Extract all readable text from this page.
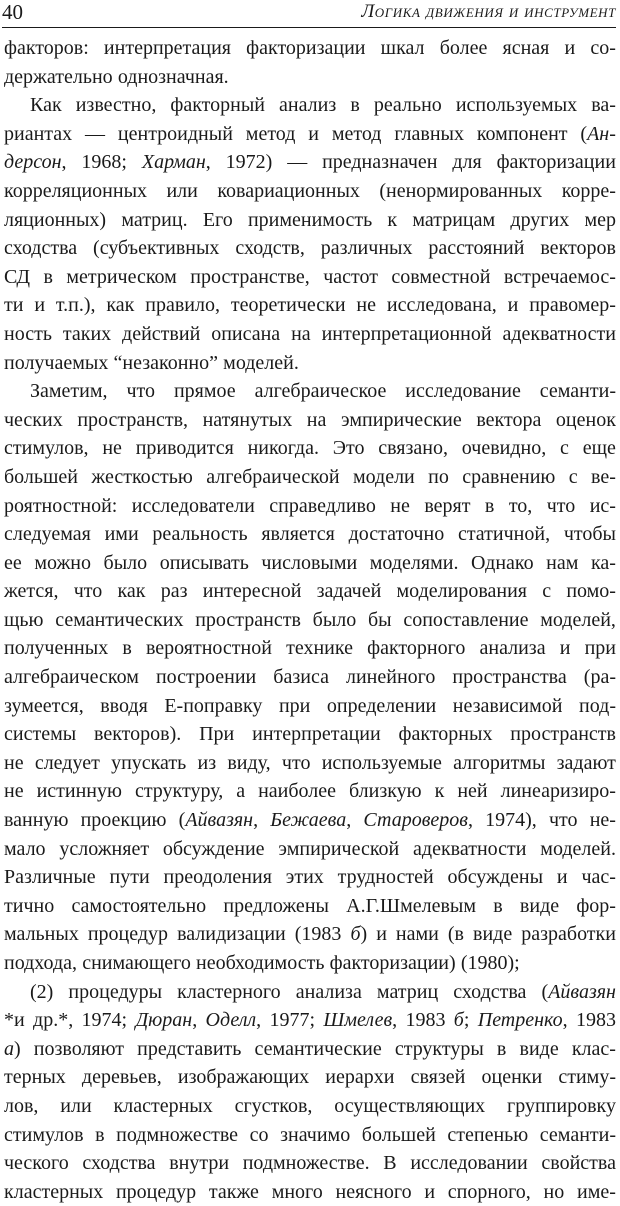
40	Логика движения и инструмент
факторов: интерпретация факторизации шкал более ясная и со-
держательно однозначная.
Как известно, факторный анализ в реально используемых ва-
риантах — центроидный метод и метод главных компонент (Ан-
дерсон, 1968; Харман, 1972) — предназначен для факторизации
корреляционных или ковариационных (ненормированных корре-
ляционных) матриц. Его применимость к матрицам других мер
сходства (субъективных сходств, различных расстояний векторов
СД в метрическом пространстве, частот совместной встречаемос-
ти и т.п.), как правило, теоретически не исследована, и правомер-
ность таких действий описана на интерпретационной адекватности
получаемых “незаконно” моделей.
Заметим, что прямое алгебраическое исследование семанти-
ческих пространств, натянутых на эмпирические вектора оценок
стимулов, не приводится никогда. Это связано, очевидно, с еще
большей жесткостью алгебраической модели по сравнению с ве-
роятностной: исследователи справедливо не верят в то, что ис-
следуемая ими реальность является достаточно статичной, чтобы
ее можно было описывать числовыми моделями. Однако нам ка-
жется, что как раз интересной задачей моделирования с помо-
щью семантических пространств было бы сопоставление моделей,
полученных в вероятностной технике факторного анализа и при
алгебраическом построении базиса линейного пространства (ра-
зумеется, вводя Е-поправку при определении независимой под-
системы векторов). При интерпретации факторных пространств
не следует упускать из виду, что используемые алгоритмы задают
не истинную структуру, а наиболее близкую к ней линеаризиро-
ванную проекцию (Айвазян, Бежаева, Староверов, 1974), что не-
мало усложняет обсуждение эмпирической адекватности моделей.
Различные пути преодоления этих трудностей обсуждены и час-
тично самостоятельно предложены А.Г.Шмелевым в виде фор-
мальных процедур валидизации (1983 б) и нами (в виде разработки
подхода, снимающего необходимость факторизации) (1980);
(2) процедуры кластерного анализа матриц сходства (Айвазян
*и др.*, 1974; Дюран, Оделл, 1977; Шмелев, 1983 б; Петренко, 1983
а) позволяют представить семантические структуры в виде клас-
терных деревьев, изображающих иерархи связей оценки стиму-
лов, или кластерных сгустков, осуществляющих группировку
стимулов в подмножестве со значимо большей степенью семанти-
ческого сходства внутри подмножестве. В исследовании свойства
кластерных процедур также много неясного и спорного, но име-
